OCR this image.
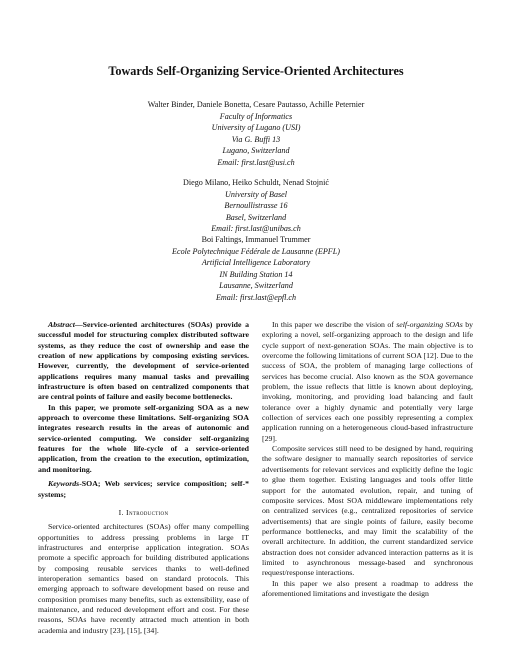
Towards Self-Organizing Service-Oriented Architectures
Walter Binder, Daniele Bonetta, Cesare Pautasso, Achille Peternier
Faculty of Informatics
University of Lugano (USI)
Via G. Buffi 13
Lugano, Switzerland
Email: first.last@usi.ch
Diego Milano, Heiko Schuldt, Nenad Stojnić
University of Basel
Bernoullistrasse 16
Basel, Switzerland
Email: first.last@unibas.ch
Boi Faltings, Immanuel Trummer
Ecole Polytechnique Fédérale de Lausanne (EPFL)
Artificial Intelligence Laboratory
IN Building Station 14
Lausanne, Switzerland
Email: first.last@epfl.ch

Abstract—Service-oriented architectures (SOAs) provide a successful model for structuring complex distributed software systems, as they reduce the cost of ownership and ease the creation of new applications by composing existing services. However, currently, the development of service-oriented applications requires many manual tasks and prevailing infrastructure is often based on centralized components that are central points of failure and easily become bottlenecks.

In this paper, we promote self-organizing SOA as a new approach to overcome these limitations. Self-organizing SOA integrates research results in the areas of autonomic and service-oriented computing. We consider self-organizing features for the whole life-cycle of a service-oriented application, from the creation to the execution, optimization, and monitoring.

Keywords-SOA; Web services; service composition; self-* systems;

I. Introduction

Service-oriented architectures (SOAs) offer many compelling opportunities to address pressing problems in large IT infrastructures and enterprise application integration. SOAs promote a specific approach for building distributed applications by composing reusable services thanks to well-defined interoperation semantics based on standard protocols. This emerging approach to software development based on reuse and composition promises many benefits, such as extensibility, ease of maintenance, and reduced development effort and cost. For these reasons, SOAs have recently attracted much attention in both academia and industry [23], [15], [34].

In this paper we describe the vision of self-organizing SOAs by exploring a novel, self-organizing approach to the design and life cycle support of next-generation SOAs. The main objective is to overcome the following limitations of current SOA [12]. Due to the success of SOA, the problem of managing large collections of services has become crucial. Also known as the SOA governance problem, the issue reflects that little is known about deploying, invoking, monitoring, and providing load balancing and fault tolerance over a highly dynamic and potentially very large collection of services each one possibly representing a complex application running on a heterogeneous cloud-based infrastructure [29].

Composite services still need to be designed by hand, requiring the software designer to manually search repositories of service advertisements for relevant services and explicitly define the logic to glue them together. Existing languages and tools offer little support for the automated evolution, repair, and tuning of composite services. Most SOA middleware implementations rely on centralized services (e.g., centralized repositories of service advertisements) that are single points of failure, easily become performance bottlenecks, and may limit the scalability of the overall architecture. In addition, the current standardized service abstraction does not consider advanced interaction patterns as it is limited to asynchronous message-based and synchronous request/response interactions.

In this paper we also present a roadmap to address the aforementioned limitations and investigate the design
